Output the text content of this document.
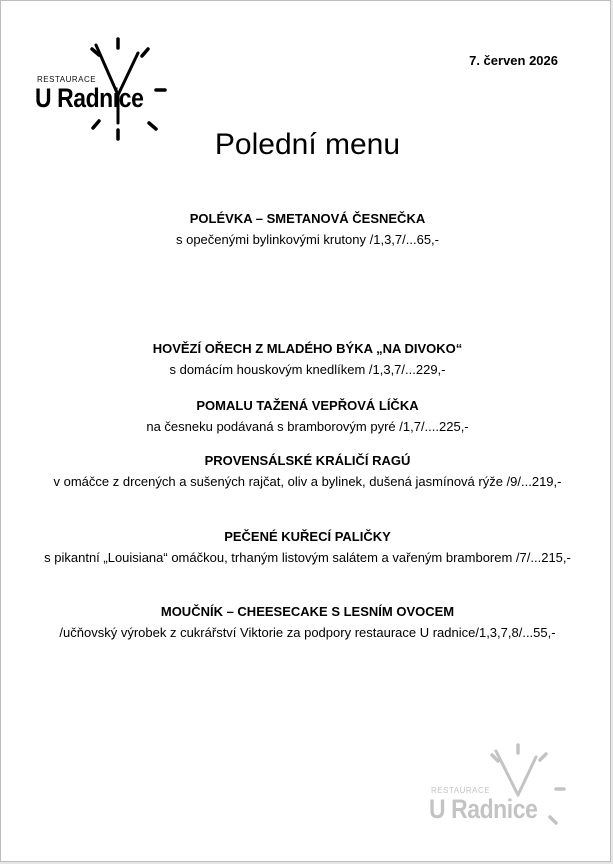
RESTAURACE
U Radnice
7. červen 2026
Polední menu
POLÉVKA – SMETANOVÁ ČESNEČKA
s opečenými bylinkovými krutony /1,3,7/...65,-
HOVĚZÍ OŘECH Z MLADÉHO BÝKA „NA DIVOKO“
s domácím houskovým knedlíkem /1,3,7/...229,-
POMALU TAŽENÁ VEPŘOVÁ LÍČKA
na česneku podávaná s bramborovým pyré /1,7/....225,-
PROVENSÁLSKÉ KRÁLIČÍ RAGÚ
v omáčce z drcených a sušených rajčat, oliv a bylinek, dušená jasmínová rýže /9/...219,-
PEČENÉ KUŘECÍ PALIČKY
s pikantní „Louisiana“ omáčkou, trhaným listovým salátem a vařeným bramborem /7/...215,-
MOUČNÍK – CHEESECAKE S LESNÍM OVOCEM
/učňovský výrobek z cukrářství Viktorie za podpory restaurace U radnice/1,3,7,8/...55,-
RESTAURACE
U Radnice
